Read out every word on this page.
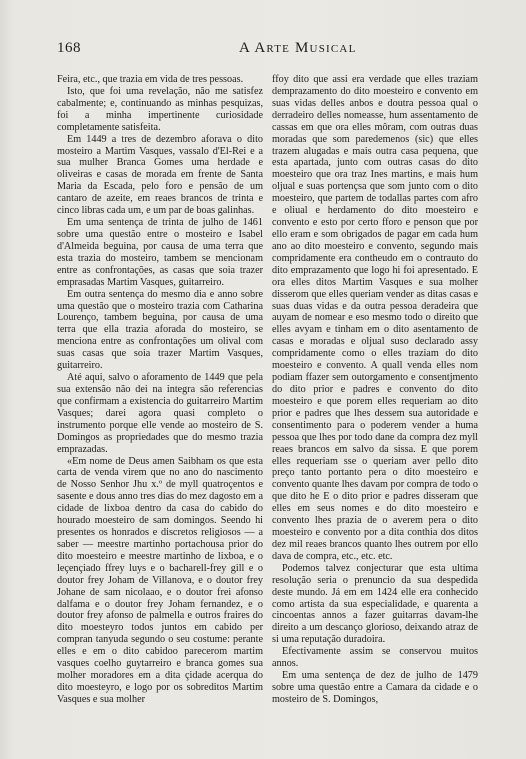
168	A Arte Musical

Feira, etc., que trazia em vida de tres pessoas.

Isto, que foi uma revelação, não me satisfez cabalmente; e, continuando as minhas pesquizas, foi a minha impertinente curiosidade completamente satisfeita.

Em 1449 a tres de dezembro aforava o dito mosteiro a Martim Vasques, vassalo d'El-Rei e a sua mulher Branca Gomes uma herdade e oliveiras e casas de morada em frente de Santa Maria da Escada, pelo foro e pensão de um cantaro de azeite, em reaes brancos de trinta e cinco libras cada um, e um par de boas galinhas.

Em uma sentença de trinta de julho de 1461 sobre uma questão entre o mosteiro e Isabel d'Almeida beguina, por causa de uma terra que esta trazia do mosteiro, tambem se mencionam entre as confrontações, as casas que soia trazer emprasadas Martim Vasques, guitarreiro.

Em outra sentença do mesmo dia e anno sobre uma questão que o mosteiro trazia com Catharina Lourenço, tambem beguina, por causa de uma terra que ella trazia aforada do mosteiro, se menciona entre as confrontações um olival com suas casas que soia trazer Martim Vasques, guitarreiro.

Até aqui, salvo o aforamento de 1449 que pela sua extensão não dei na integra são referencias que confirmam a existencia do guitarreiro Martim Vasques; darei agora quasi completo o instrumento porque elle vende ao mosteiro de S. Domingos as propriedades que do mesmo trazia emprazadas.

«Em nome de Deus amen Saibham os que esta carta de venda virem que no ano do nascimento de Nosso Senhor Jhu x.º de myll quatroçentos e sasente e dous anno tres dias do mez dagosto em a cidade de lixboa dentro da casa do cabido do hourado moesteiro de sam domingos. Seendo hi presentes os honrados e discretos religiosos — a saber — meestre martinho portachousa prior do dito moesteiro e meestre martinho de lixboa, e o leçençiado ffrey luys e o bacharell-frey gill e o doutor frey Joham de Villanova, e o doutor frey Johane de sam nicolaao, e o doutor frei afonso dalfama e o doutor frey Joham fernandez, e o doutor frey afonso de palmella e outros fraires do dito moesteyro todos juntos em cabido per compran tanyuda segundo o seu costume: perante elles e em o dito cabidoo parecerom martim vasques coelho guytarreiro e branca gomes sua molher moradores em a dita çidade acerqua do dito moesteyro, e logo por os sobreditos Martim Vasques e sua molher

ffoy dito que assi era verdade que elles traziam demprazamento do dito moesteiro e convento em suas vidas delles anbos e doutra pessoa qual o derradeiro delles nomeasse, hum assentamento de cassas em que ora elles môram, com outras duas moradas que som paredemenos (sic) que elles trazem alugadas e mais outra casa pequena, que esta apartada, junto com outras casas do dito moesteiro que ora traz Ines martins, e mais hum oljual e suas portençsa que som junto com o dito moesteiro, que partem de todallas partes com afro e oliual e herdamento do dito moesteiro e convento e esto por certo fforo e penson que por ello eram e som obrigados de pagar em cada hum ano ao dito moesteiro e convento, segundo mais compridamente era contheudo em o contrauto do dito emprazamento que logo hi foi apresentado. E ora elles ditos Martim Vasques e sua molher disserom que elles queriam vender as ditas casas e suas duas vidas e da outra pessoa deradeira que auyam de nomear e eso mesmo todo o direito que elles avyam e tinham em o dito asentamento de casas e moradas e oljual suso declarado assy compridamente como o elles traziam do dito moesteiro e convento. A quall venda elles nom podiam ffazer sem outorgamento e consentjmento do dito prior e padres e convento do dito moesteiro e que porem elles requeriam ao dito prior e padres que lhes dessem sua autoridade e consentimento para o poderem vender a huma pessoa que lhes por todo dane da compra dez myll reaes brancos em salvo da sissa. E que porem elles requeriam sse o queriam aver pello dito preço tanto portanto pera o dito moesteiro e convento quante lhes davam por compra de todo o que dito he E o dito prior e padres disseram que elles em seus nomes e do dito moesteiro e convento lhes prazia de o averem pera o dito moesteiro e convento por a dita conthia dos ditos dez mil reaes brancos quanto lhes outrem por ello dava de compra, etc., etc. etc.

Podemos talvez conjecturar que esta ultima resolução seria o prenuncio da sua despedida deste mundo. Já em em 1424 elle era conhecido como artista da sua especialidade, e quarenta a cincoentas annos a fazer guitarras davam-lhe direito a um descanço glorioso, deixando atraz de si uma reputação duradoira.

Efectivamente assim se conservou muitos annos.

Em uma sentença de dez de julho de 1479 sobre uma questão entre a Camara da cidade e o mosteiro de S. Domingos,
